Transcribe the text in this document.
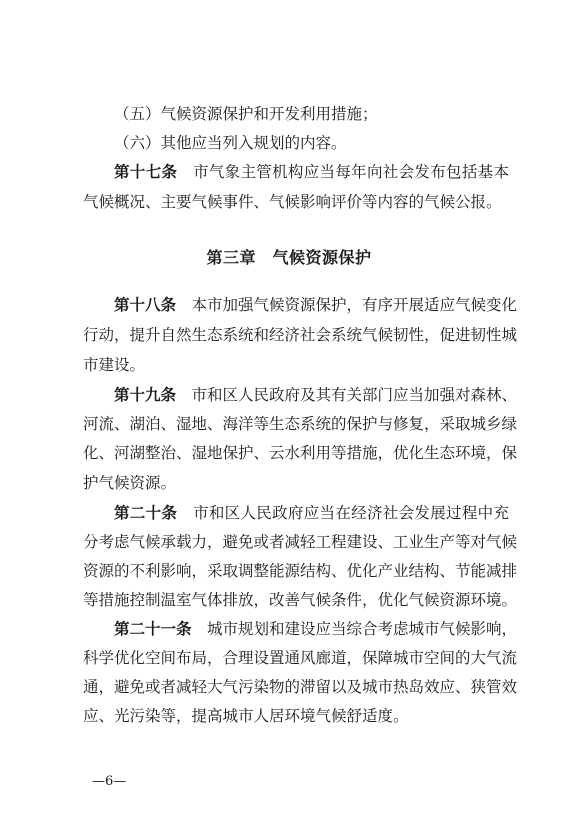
（五）气候资源保护和开发利用措施；
（六）其他应当列入规划的内容。
第十七条　 市气象主管机构应当每年向社会发布包括基本
气候概况、主要气候事件、气候影响评价等内容的气候公报。
第三章　气候资源保护
第十八条　 本市加强气候资源保护，有序开展适应气候变化
行动，提升自然生态系统和经济社会系统气候韧性，促进韧性城
市建设。
第十九条　 市和区人民政府及其有关部门应当加强对森林、
河流、湖泊、湿地、海洋等生态系统的保护与修复，采取城乡绿
化、河湖整治、湿地保护、云水利用等措施，优化生态环境，保
护气候资源。
第二十条　 市和区人民政府应当在经济社会发展过程中充
分考虑气候承载力，避免或者减轻工程建设、工业生产等对气候
资源的不利影响，采取调整能源结构、优化产业结构、节能减排
等措施控制温室气体排放，改善气候条件，优化气候资源环境。
第二十一条　 城市规划和建设应当综合考虑城市气候影响，
科学优化空间布局，合理设置通风廊道，保障城市空间的大气流
通，避免或者减轻大气污染物的滞留以及城市热岛效应、狭管效
应、光污染等，提高城市人居环境气候舒适度。
—6—
